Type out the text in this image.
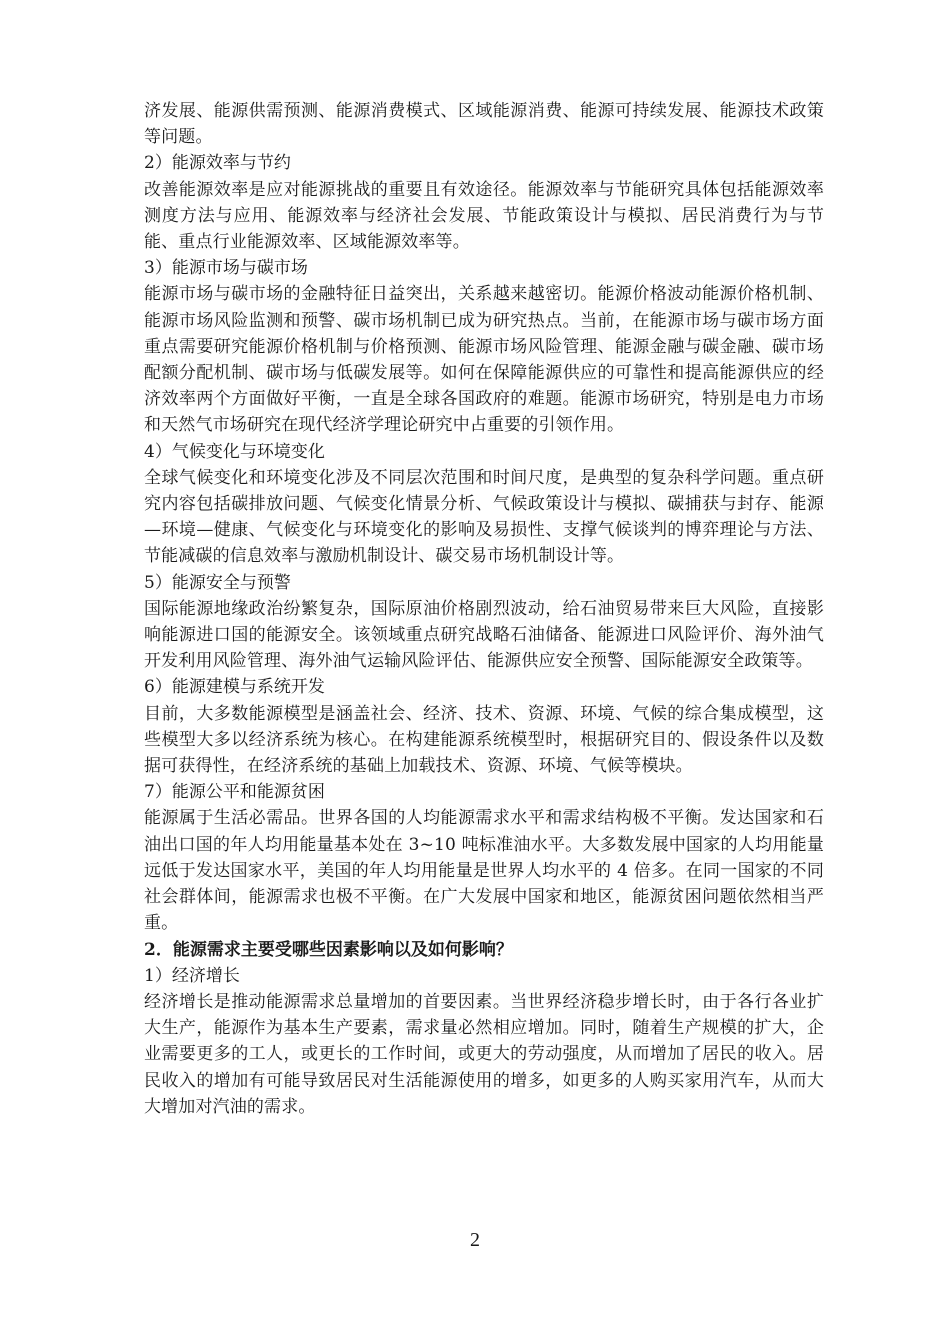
济发展、能源供需预测、能源消费模式、区域能源消费、能源可持续发展、能源技术政策等问题。

2）能源效率与节约

改善能源效率是应对能源挑战的重要且有效途径。能源效率与节能研究具体包括能源效率测度方法与应用、能源效率与经济社会发展、节能政策设计与模拟、居民消费行为与节能、重点行业能源效率、区域能源效率等。

3）能源市场与碳市场

能源市场与碳市场的金融特征日益突出，关系越来越密切。能源价格波动能源价格机制、能源市场风险监测和预警、碳市场机制已成为研究热点。当前，在能源市场与碳市场方面重点需要研究能源价格机制与价格预测、能源市场风险管理、能源金融与碳金融、碳市场配额分配机制、碳市场与低碳发展等。如何在保障能源供应的可靠性和提高能源供应的经济效率两个方面做好平衡，一直是全球各国政府的难题。能源市场研究，特别是电力市场和天然气市场研究在现代经济学理论研究中占重要的引领作用。

4）气候变化与环境变化

全球气候变化和环境变化涉及不同层次范围和时间尺度，是典型的复杂科学问题。重点研究内容包括碳排放问题、气候变化情景分析、气候政策设计与模拟、碳捕获与封存、能源—环境—健康、气候变化与环境变化的影响及易损性、支撑气候谈判的博弈理论与方法、节能减碳的信息效率与激励机制设计、碳交易市场机制设计等。

5）能源安全与预警

国际能源地缘政治纷繁复杂，国际原油价格剧烈波动，给石油贸易带来巨大风险，直接影响能源进口国的能源安全。该领域重点研究战略石油储备、能源进口风险评价、海外油气开发利用风险管理、海外油气运输风险评估、能源供应安全预警、国际能源安全政策等。

6）能源建模与系统开发

目前，大多数能源模型是涵盖社会、经济、技术、资源、环境、气候的综合集成模型，这些模型大多以经济系统为核心。在构建能源系统模型时，根据研究目的、假设条件以及数据可获得性，在经济系统的基础上加载技术、资源、环境、气候等模块。

7）能源公平和能源贫困

能源属于生活必需品。世界各国的人均能源需求水平和需求结构极不平衡。发达国家和石油出口国的年人均用能量基本处在 3~10 吨标准油水平。大多数发展中国家的人均用能量远低于发达国家水平，美国的年人均用能量是世界人均水平的 4 倍多。在同一国家的不同社会群体间，能源需求也极不平衡。在广大发展中国家和地区，能源贫困问题依然相当严重。

2．能源需求主要受哪些因素影响以及如何影响？

1）经济增长

经济增长是推动能源需求总量增加的首要因素。当世界经济稳步增长时，由于各行各业扩大生产，能源作为基本生产要素，需求量必然相应增加。同时，随着生产规模的扩大，企业需要更多的工人，或更长的工作时间，或更大的劳动强度，从而增加了居民的收入。居民收入的增加有可能导致居民对生活能源使用的增多，如更多的人购买家用汽车，从而大大增加对汽油的需求。

2
